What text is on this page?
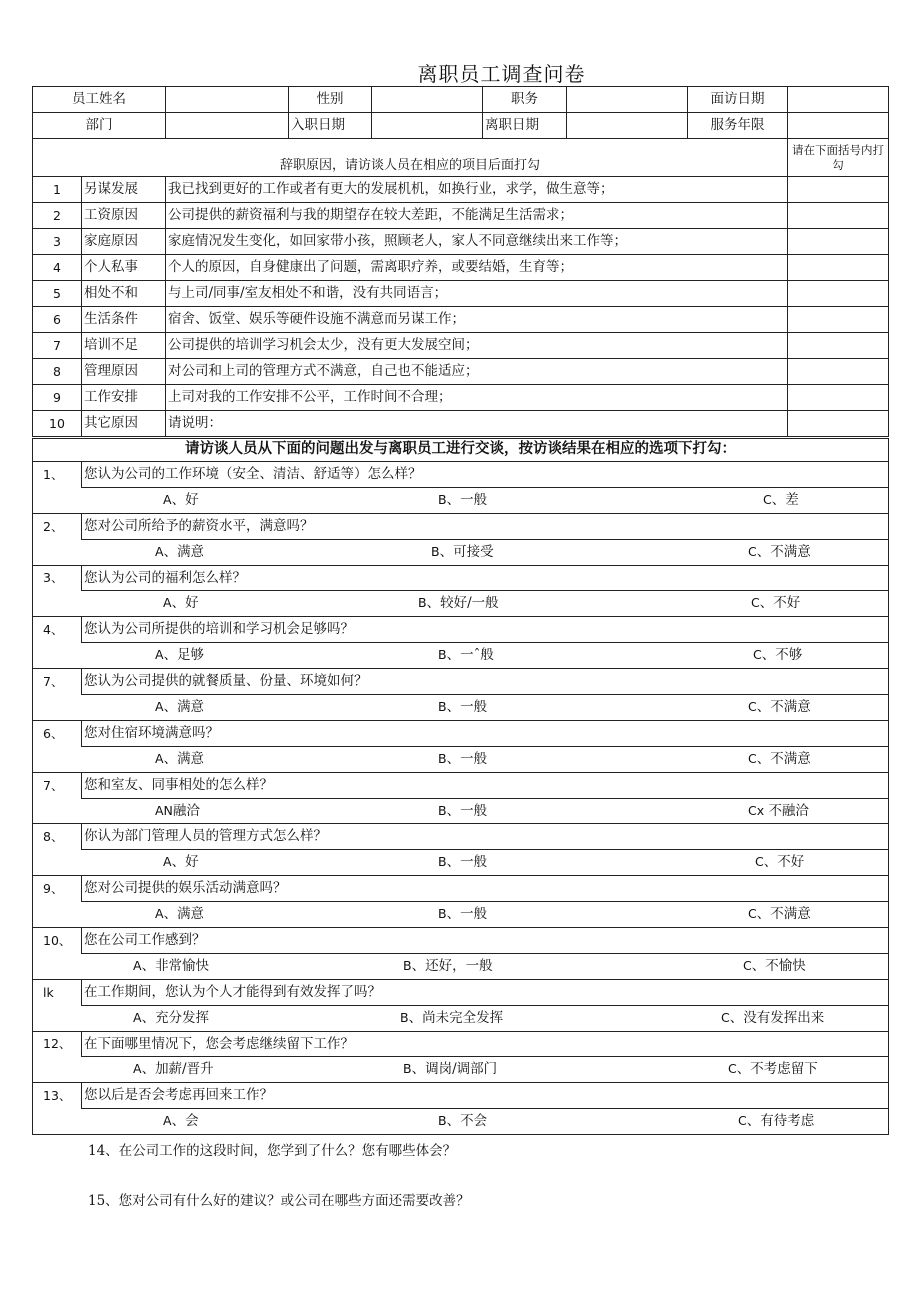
离职员工调查问卷
员工姓名			性别		职务		面访日期	
部门			入职日期		离职日期		服务年限	
辞职原因，请访谈人员在相应的项目后面打勾								请在下面括号内打勾
1	另谋发展	我已找到更好的工作或者有更大的发展机机，如换行业，求学，做生意等；						
2	工资原因	公司提供的薪资福利与我的期望存在较大差距，不能满足生活需求；						
3	家庭原因	家庭情况发生变化，如回家带小孩，照顾老人，家人不同意继续出来工作等；						
4	个人私事	个人的原因，自身健康出了问题，需离职疗养，或要结婚，生育等；						
5	相处不和	与上司/同事/室友相处不和谐，没有共同语言；						
6	生活条件	宿舍、饭堂、娱乐等硬件设施不满意而另谋工作；						
7	培训不足	公司提供的培训学习机会太少，没有更大发展空间；						
8	管理原因	对公司和上司的管理方式不满意，自己也不能适应；						
9	工作安排	上司对我的工作安排不公平，工作时间不合理；						
10	其它原因	请说明：						
请访谈人员从下面的问题出发与离职员工进行交谈，按访谈结果在相应的选项下打勾：	
1、	您认为公司的工作环境（安全、清洁、舒适等）怎么样？

A、好 B、一般 C、差	

2、	您对公司所给予的薪资水平，满意吗？

A、满意 B、可接受 C、不满意	

3、	您认为公司的福利怎么样？

A、好 B、较好/一般 C、不好	

4、	您认为公司所提供的培训和学习机会足够吗？

A、足够 B、一ˆ般 C、不够	

7、	您认为公司提供的就餐质量、份量、环境如何？

A、满意 B、一般 C、不满意	

6、	您对住宿环境满意吗？

A、满意 B、一般 C、不满意	

7、	您和室友、同事相处的怎么样？

AN融洽 B、一般 Cx 不融洽	

8、	你认为部门管理人员的管理方式怎么样？

A、好 B、一般 C、不好	

9、	您对公司提供的娱乐活动满意吗？

A、满意 B、一般 C、不满意	

10、	您在公司工作感到？

A、非常愉快 B、还好，一般 C、不愉快	

lk	在工作期间，您认为个人才能得到有效发挥了吗？

A、充分发挥 B、尚未完全发挥 C、没有发挥出来	

12、	在下面哪里情况下，您会考虑继续留下工作？

A、加薪/晋升 B、调岗/调部门 C、不考虑留下	

13、	您以后是否会考虑再回来工作？

A、会 B、不会 C、有待考虑	
14、在公司工作的这段时间，您学到了什么？您有哪些体会？
15、您对公司有什么好的建议？或公司在哪些方面还需要改善？
